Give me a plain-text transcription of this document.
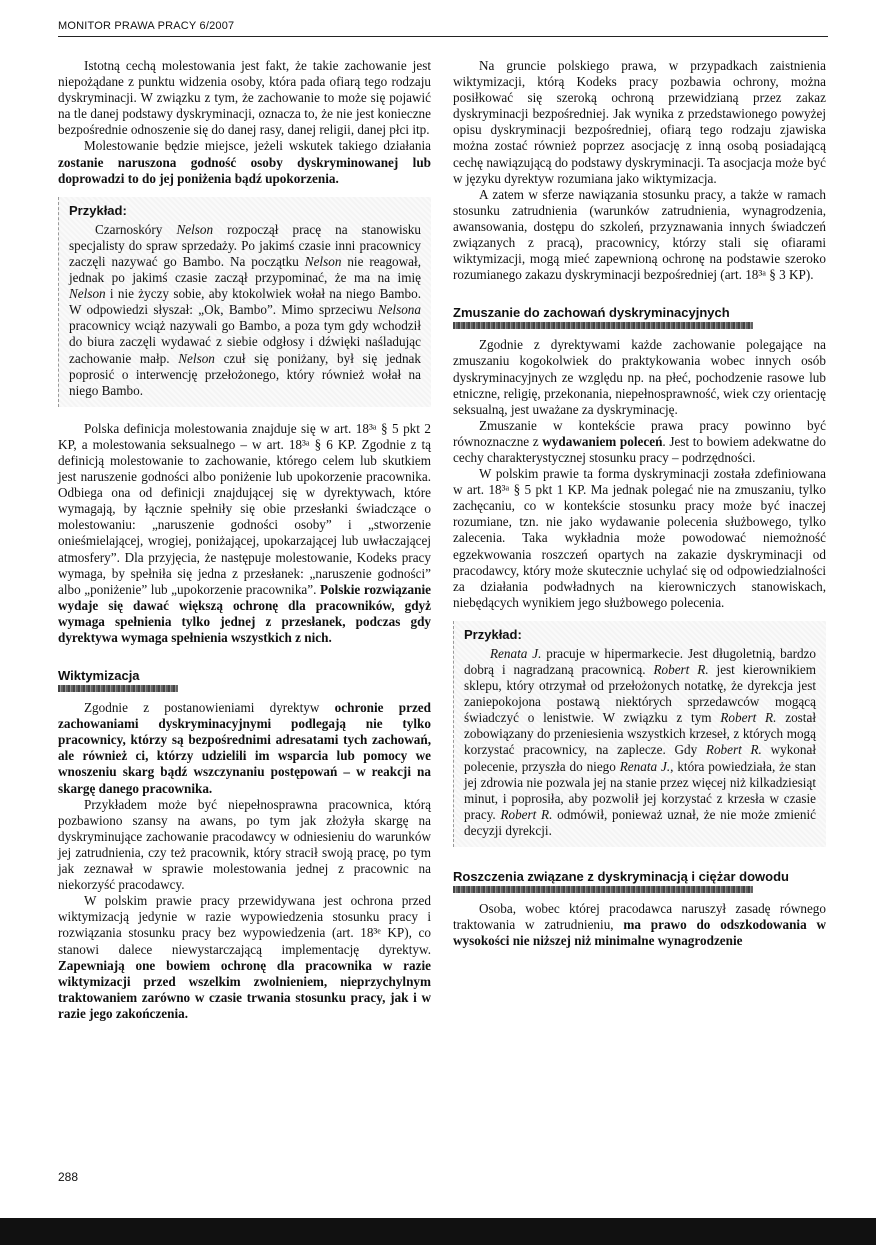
MONITOR PRAWA PRACY 6/2007

Istotną cechą molestowania jest fakt, że takie zachowanie jest niepożądane z punktu widzenia osoby, która pada ofiarą tego rodzaju dyskryminacji. W związku z tym, że zachowanie to może się pojawić na tle danej podstawy dyskryminacji, oznacza to, że nie jest konieczne bezpośrednie odnoszenie się do danej rasy, danej religii, danej płci itp.

Molestowanie będzie miejsce, jeżeli wskutek takiego działania zostanie naruszona godność osoby dyskryminowanej lub doprowadzi to do jej poniżenia bądź upokorzenia.

Przykład:

Czarnoskóry Nelson rozpoczął pracę na stanowisku specjalisty do spraw sprzedaży. Po jakimś czasie inni pracownicy zaczęli nazywać go Bambo. Na początku Nelson nie reagował, jednak po jakimś czasie zaczął przypominać, że ma na imię Nelson i nie życzy sobie, aby ktokolwiek wołał na niego Bambo. W odpowiedzi słyszał: „Ok, Bambo”. Mimo sprzeciwu Nelsona pracownicy wciąż nazywali go Bambo, a poza tym gdy wchodził do biura zaczęli wydawać z siebie odgłosy i dźwięki naśladując zachowanie małp. Nelson czuł się poniżany, był się jednak poprosić o interwencję przełożonego, który również wołał na niego Bambo.

Polska definicja molestowania znajduje się w art. 18³ᵃ § 5 pkt 2 KP, a molestowania seksualnego – w art. 18³ᵃ § 6 KP. Zgodnie z tą definicją molestowanie to zachowanie, którego celem lub skutkiem jest naruszenie godności albo poniżenie lub upokorzenie pracownika. Odbiega ona od definicji znajdującej się w dyrektywach, które wymagają, by łącznie spełniły się obie przesłanki świadczące o molestowaniu: „naruszenie godności osoby” i „stworzenie onieśmielającej, wrogiej, poniżającej, upokarzającej lub uwłaczającej atmosfery”. Dla przyjęcia, że następuje molestowanie, Kodeks pracy wymaga, by spełniła się jedna z przesłanek: „naruszenie godności” albo „poniżenie” lub „upokorzenie pracownika”. Polskie rozwiązanie wydaje się dawać większą ochronę dla pracowników, gdyż wymaga spełnienia tylko jednej z przesłanek, podczas gdy dyrektywa wymaga spełnienia wszystkich z nich.

Wiktymizacja

Zgodnie z postanowieniami dyrektyw ochronie przed zachowaniami dyskryminacyjnymi podlegają nie tylko pracownicy, którzy są bezpośrednimi adresatami tych zachowań, ale również ci, którzy udzielili im wsparcia lub pomocy we wnoszeniu skarg bądź wszczynaniu postępowań – w reakcji na skargę danego pracownika.

Przykładem może być niepełnosprawna pracownica, którą pozbawiono szansy na awans, po tym jak złożyła skargę na dyskryminujące zachowanie pracodawcy w odniesieniu do warunków jej zatrudnienia, czy też pracownik, który stracił swoją pracę, po tym jak zeznawał w sprawie molestowania jednej z pracownic na niekorzyść pracodawcy.

W polskim prawie pracy przewidywana jest ochrona przed wiktymizacją jedynie w razie wypowiedzenia stosunku pracy i rozwiązania stosunku pracy bez wypowiedzenia (art. 18³ᵉ KP), co stanowi dalece niewystarczającą implementację dyrektyw. Zapewniają one bowiem ochronę dla pracownika w razie wiktymizacji przed wszelkim zwolnieniem, nieprzychylnym traktowaniem zarówno w czasie trwania stosunku pracy, jak i w razie jego zakończenia.

Na gruncie polskiego prawa, w przypadkach zaistnienia wiktymizacji, którą Kodeks pracy pozbawia ochrony, można posiłkować się szeroką ochroną przewidzianą przez zakaz dyskryminacji bezpośredniej. Jak wynika z przedstawionego powyżej opisu dyskryminacji bezpośredniej, ofiarą tego rodzaju zjawiska można zostać również poprzez asocjację z inną osobą posiadającą cechę nawiązującą do podstawy dyskryminacji. Ta asocjacja może być w języku dyrektyw rozumiana jako wiktymizacja.

A zatem w sferze nawiązania stosunku pracy, a także w ramach stosunku zatrudnienia (warunków zatrudnienia, wynagrodzenia, awansowania, dostępu do szkoleń, przyznawania innych świadczeń związanych z pracą), pracownicy, którzy stali się ofiarami wiktymizacji, mogą mieć zapewnioną ochronę na podstawie szeroko rozumianego zakazu dyskryminacji bezpośredniej (art. 18³ᵃ § 3 KP).

Zmuszanie do zachowań dyskryminacyjnych

Zgodnie z dyrektywami każde zachowanie polegające na zmuszaniu kogokolwiek do praktykowania wobec innych osób dyskryminacyjnych ze względu np. na płeć, pochodzenie rasowe lub etniczne, religię, przekonania, niepełnosprawność, wiek czy orientację seksualną, jest uważane za dyskryminację.

Zmuszanie w kontekście prawa pracy powinno być równoznaczne z wydawaniem poleceń. Jest to bowiem adekwatne do cechy charakterystycznej stosunku pracy – podrzędności.

W polskim prawie ta forma dyskryminacji została zdefiniowana w art. 18³ᵃ § 5 pkt 1 KP. Ma jednak polegać nie na zmuszaniu, tylko zachęcaniu, co w kontekście stosunku pracy może być inaczej rozumiane, tzn. nie jako wydawanie polecenia służbowego, tylko zalecenia. Taka wykładnia może powodować niemożność egzekwowania roszczeń opartych na zakazie dyskryminacji od pracodawcy, który może skutecznie uchylać się od odpowiedzialności za działania podwładnych na kierowniczych stanowiskach, niebędących wynikiem jego służbowego polecenia.

Przykład:

Renata J. pracuje w hipermarkecie. Jest długoletnią, bardzo dobrą i nagradzaną pracownicą. Robert R. jest kierownikiem sklepu, który otrzymał od przełożonych notatkę, że dyrekcja jest zaniepokojona postawą niektórych sprzedawców mogącą świadczyć o lenistwie. W związku z tym Robert R. został zobowiązany do przeniesienia wszystkich krzeseł, z których mogą korzystać pracownicy, na zaplecze. Gdy Robert R. wykonał polecenie, przyszła do niego Renata J., która powiedziała, że stan jej zdrowia nie pozwala jej na stanie przez więcej niż kilkadziesiąt minut, i poprosiła, aby pozwolił jej korzystać z krzesła w czasie pracy. Robert R. odmówił, ponieważ uznał, że nie może zmienić decyzji dyrekcji.

Roszczenia związane z dyskryminacją i ciężar dowodu

Osoba, wobec której pracodawca naruszył zasadę równego traktowania w zatrudnieniu, ma prawo do odszkodowania w wysokości nie niższej niż minimalne wynagrodzenie

288
